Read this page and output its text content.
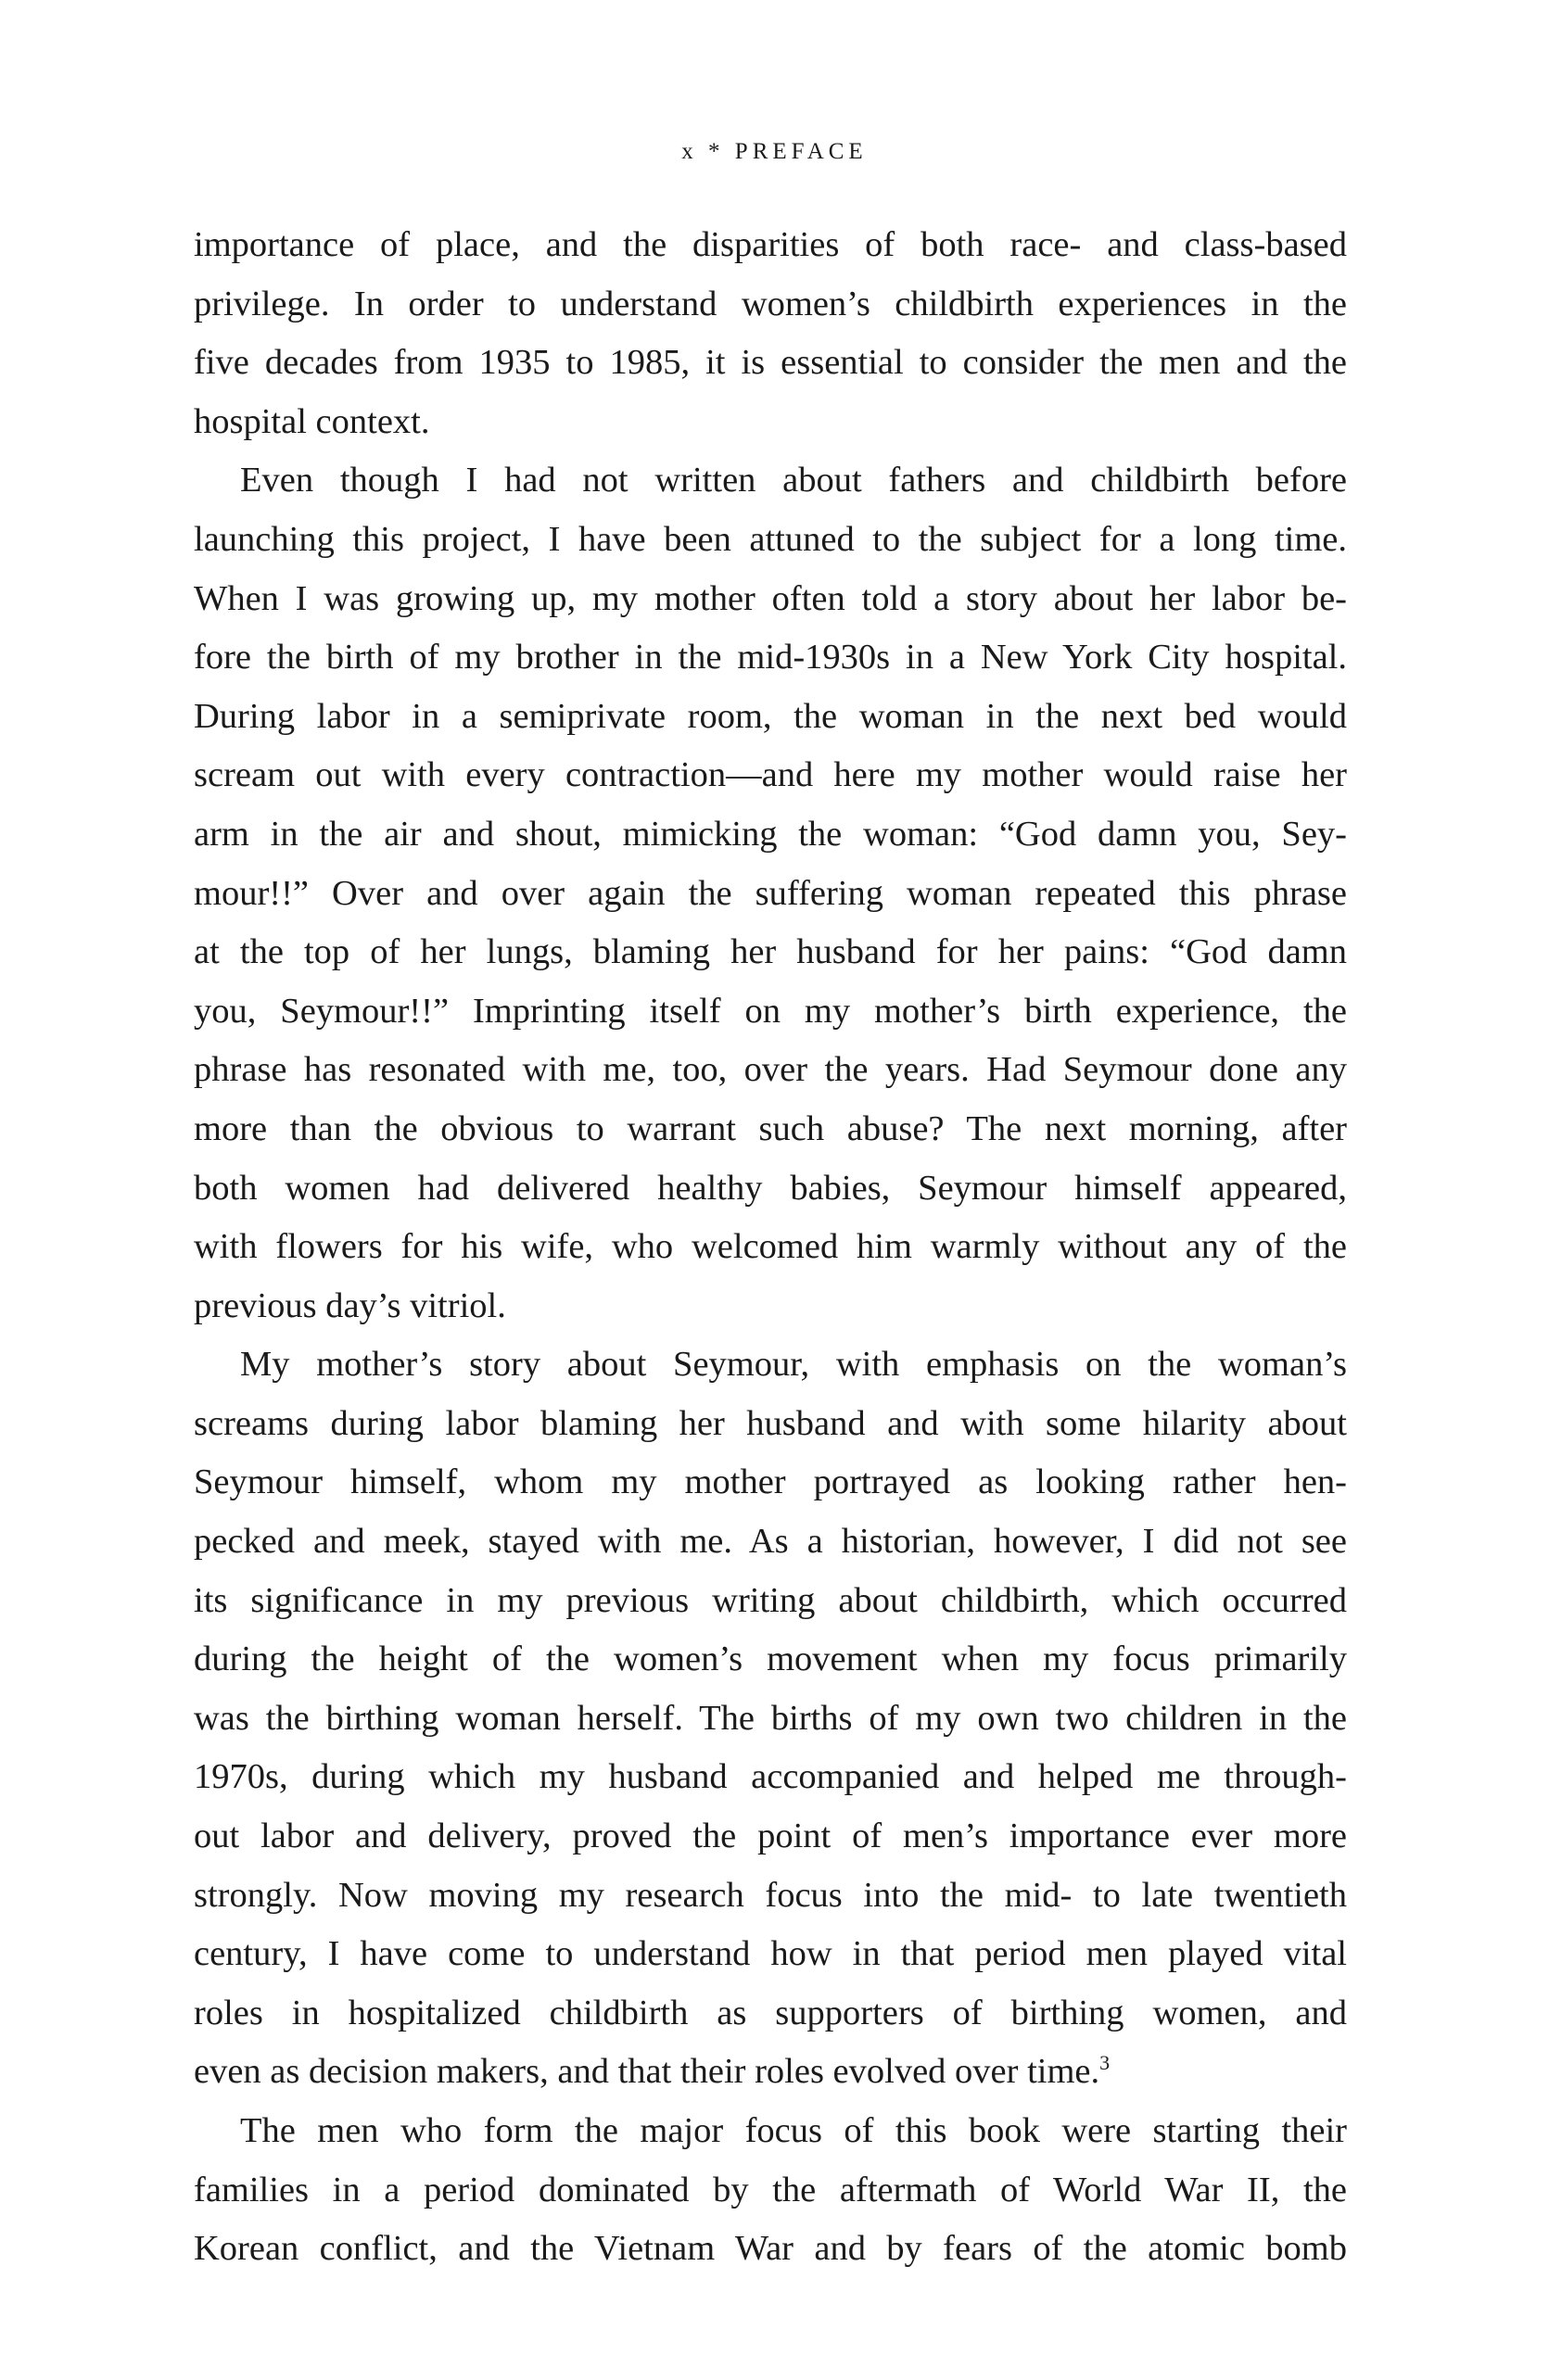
x * PREFACE
importance of place, and the disparities of both race- and class-based
privilege. In order to understand women’s childbirth experiences in the
five decades from 1935 to 1985, it is essential to consider the men and the
hospital context.
Even though I had not written about fathers and childbirth before
launching this project, I have been attuned to the subject for a long time.
When I was growing up, my mother often told a story about her labor be-
fore the birth of my brother in the mid-1930s in a New York City hospital.
During labor in a semiprivate room, the woman in the next bed would
scream out with every contraction—and here my mother would raise her
arm in the air and shout, mimicking the woman: “God damn you, Sey-
mour!!” Over and over again the suffering woman repeated this phrase
at the top of her lungs, blaming her husband for her pains: “God damn
you, Seymour!!” Imprinting itself on my mother’s birth experience, the
phrase has resonated with me, too, over the years. Had Seymour done any
more than the obvious to warrant such abuse? The next morning, after
both women had delivered healthy babies, Seymour himself appeared,
with flowers for his wife, who welcomed him warmly without any of the
previous day’s vitriol.
My mother’s story about Seymour, with emphasis on the woman’s
screams during labor blaming her husband and with some hilarity about
Seymour himself, whom my mother portrayed as looking rather hen-
pecked and meek, stayed with me. As a historian, however, I did not see
its significance in my previous writing about childbirth, which occurred
during the height of the women’s movement when my focus primarily
was the birthing woman herself. The births of my own two children in the
1970s, during which my husband accompanied and helped me through-
out labor and delivery, proved the point of men’s importance ever more
strongly. Now moving my research focus into the mid- to late twentieth
century, I have come to understand how in that period men played vital
roles in hospitalized childbirth as supporters of birthing women, and
even as decision makers, and that their roles evolved over time.$^3$
The men who form the major focus of this book were starting their
families in a period dominated by the aftermath of World War II, the
Korean conflict, and the Vietnam War and by fears of the atomic bomb
